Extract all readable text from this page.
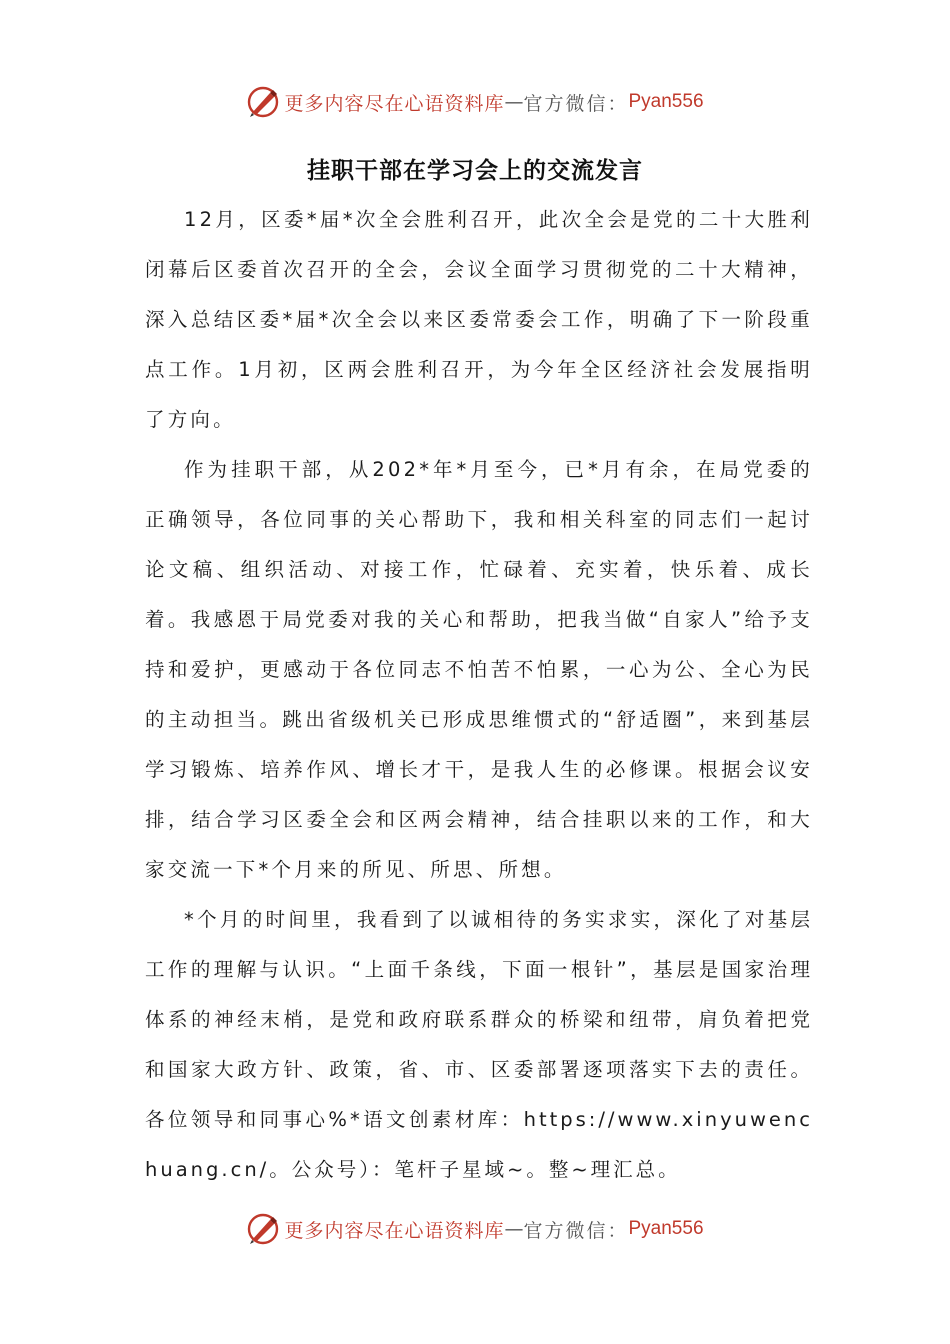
更多内容尽在心语资料库 — 官方微信： Pyan556
挂职干部在学习会上的交流发言

12月，区委*届*次全会胜利召开，此次全会是党的二十大胜利闭幕后区委首次召开的全会，会议全面学习贯彻党的二十大精神，深入总结区委*届*次全会以来区委常委会工作，明确了下一阶段重点工作。1月初，区两会胜利召开，为今年全区经济社会发展指明了方向。

作为挂职干部，从202*年*月至今，已*月有余，在局党委的正确领导，各位同事的关心帮助下，我和相关科室的同志们一起讨论文稿、组织活动、对接工作，忙碌着、充实着，快乐着、成长着。我感恩于局党委对我的关心和帮助，把我当做“自家人”给予支持和爱护，更感动于各位同志不怕苦不怕累，一心为公、全心为民的主动担当。跳出省级机关已形成思维惯式的“舒适圈”，来到基层学习锻炼、培养作风、增长才干，是我人生的必修课。根据会议安排，结合学习区委全会和区两会精神，结合挂职以来的工作，和大家交流一下*个月来的所见、所思、所想。

*个月的时间里，我看到了以诚相待的务实求实，深化了对基层工作的理解与认识。“上面千条线，下面一根针”，基层是国家治理体系的神经末梢，是党和政府联系群众的桥梁和纽带，肩负着把党和国家大政方针、政策，省、市、区委部署逐项落实下去的责任。各位领导和同事心%*语文创素材库：https://www.xinyuwenchuang.cn/。公众号）：笔杆子星域~。整~理汇总。

更多内容尽在心语资料库 — 官方微信： Pyan556
